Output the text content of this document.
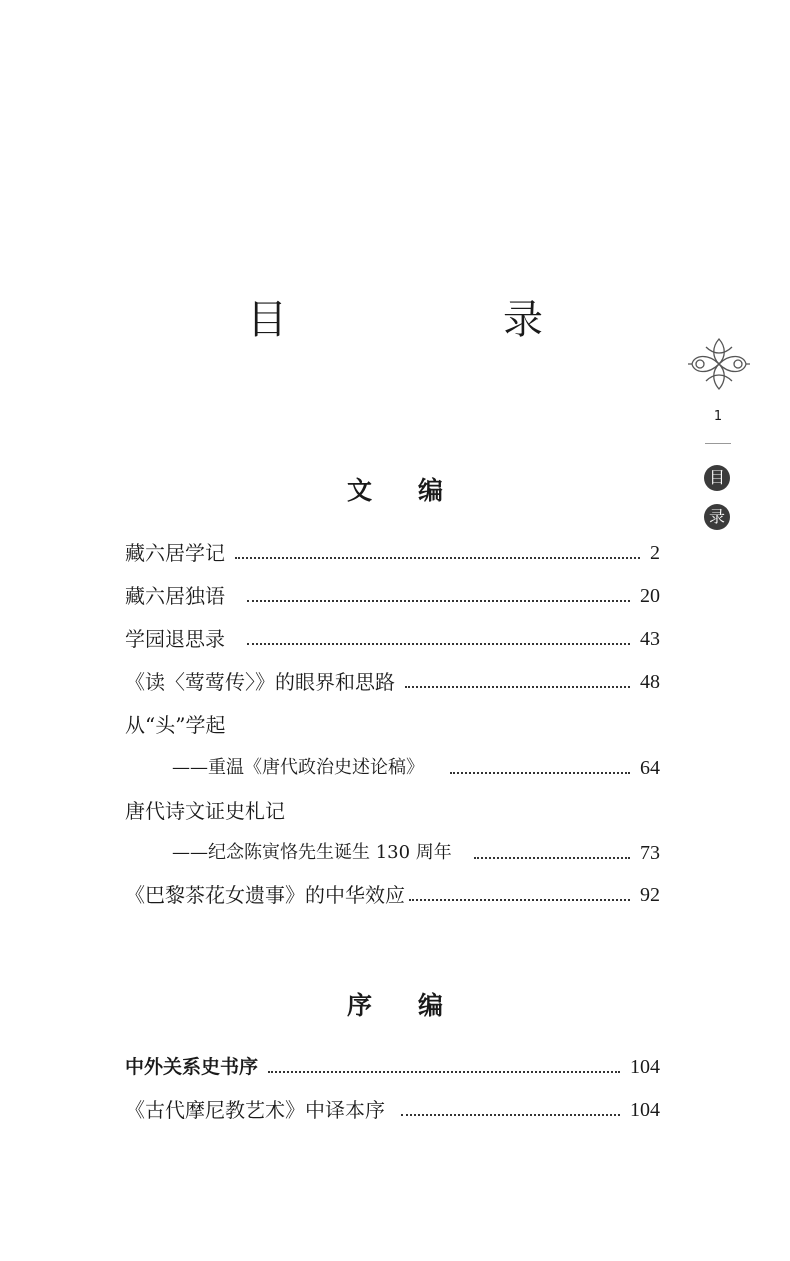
目　录
文编
藏六居学记	2
藏六居独语	20
学园退思录	43
《读〈莺莺传〉》的眼界和思路	48
从“头”学起
——重温《唐代政治史述论稿》	64
唐代诗文证史札记
——纪念陈寅恪先生诞生 130 周年	73
《巴黎茶花女遗事》的中华效应	92
序编
中外关系史书序	104
《古代摩尼教艺术》中译本序	104
1
目
录
